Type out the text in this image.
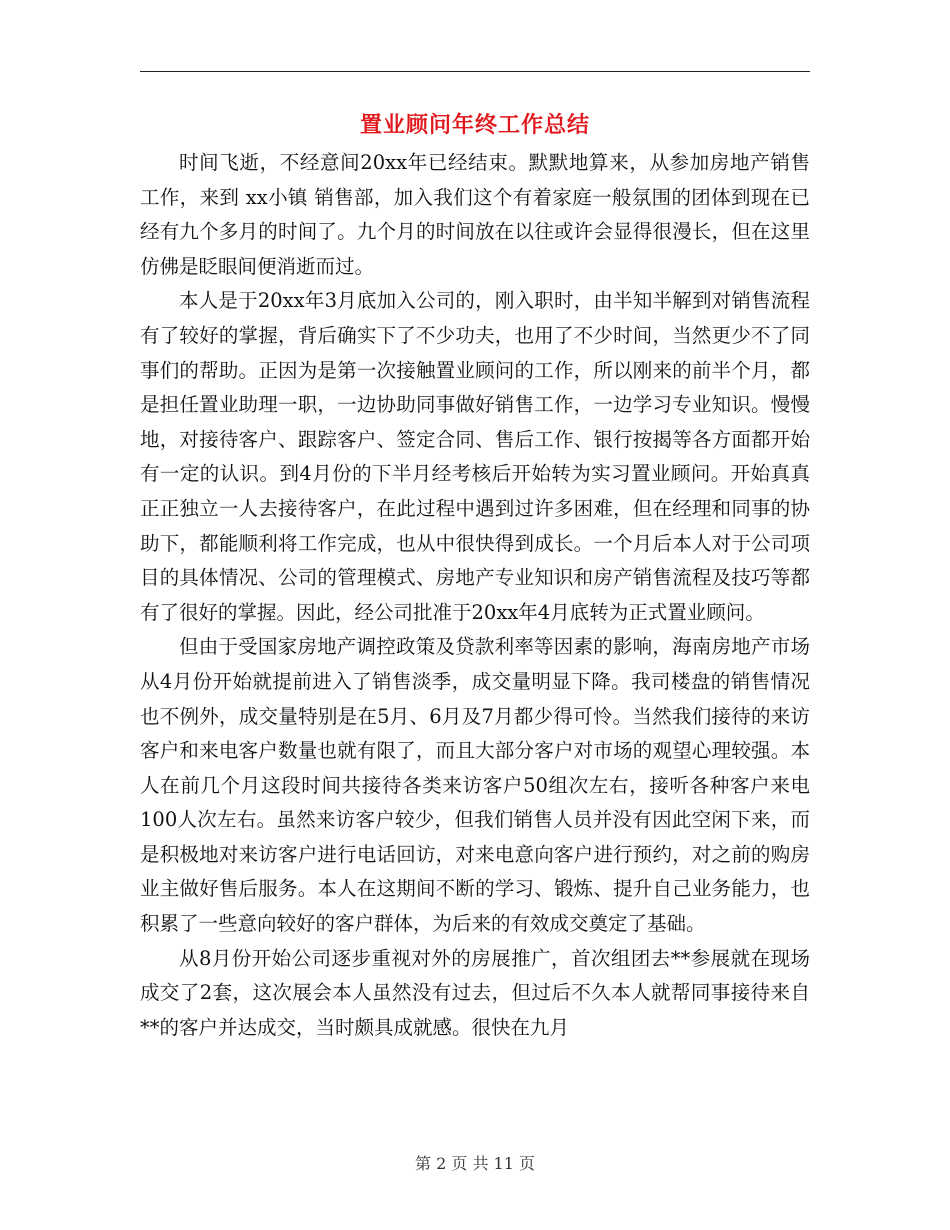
置业顾问年终工作总结

时间飞逝，不经意间20xx年已经结束。默默地算来，从参加房地产销售工作，来到 xx小镇 销售部，加入我们这个有着家庭一般氛围的团体到现在已经有九个多月的时间了。九个月的时间放在以往或许会显得很漫长，但在这里仿佛是眨眼间便消逝而过。

本人是于20xx年3月底加入公司的，刚入职时，由半知半解到对销售流程有了较好的掌握，背后确实下了不少功夫，也用了不少时间，当然更少不了同事们的帮助。正因为是第一次接触置业顾问的工作，所以刚来的前半个月，都是担任置业助理一职，一边协助同事做好销售工作，一边学习专业知识。慢慢地，对接待客户、跟踪客户、签定合同、售后工作、银行按揭等各方面都开始有一定的认识。到4月份的下半月经考核后开始转为实习置业顾问。开始真真正正独立一人去接待客户，在此过程中遇到过许多困难，但在经理和同事的协助下，都能顺利将工作完成，也从中很快得到成长。一个月后本人对于公司项目的具体情况、公司的管理模式、房地产专业知识和房产销售流程及技巧等都有了很好的掌握。因此，经公司批准于20xx年4月底转为正式置业顾问。

但由于受国家房地产调控政策及贷款利率等因素的影响，海南房地产市场从4月份开始就提前进入了销售淡季，成交量明显下降。我司楼盘的销售情况也不例外，成交量特别是在5月、6月及7月都少得可怜。当然我们接待的来访客户和来电客户数量也就有限了，而且大部分客户对市场的观望心理较强。本人在前几个月这段时间共接待各类来访客户50组次左右，接听各种客户来电100人次左右。虽然来访客户较少，但我们销售人员并没有因此空闲下来，而是积极地对来访客户进行电话回访，对来电意向客户进行预约，对之前的购房业主做好售后服务。本人在这期间不断的学习、锻炼、提升自己业务能力，也积累了一些意向较好的客户群体，为后来的有效成交奠定了基础。

从8月份开始公司逐步重视对外的房展推广，首次组团去**参展就在现场成交了2套，这次展会本人虽然没有过去，但过后不久本人就帮同事接待来自**的客户并达成交，当时颇具成就感。很快在九月

第 2 页 共 11 页
